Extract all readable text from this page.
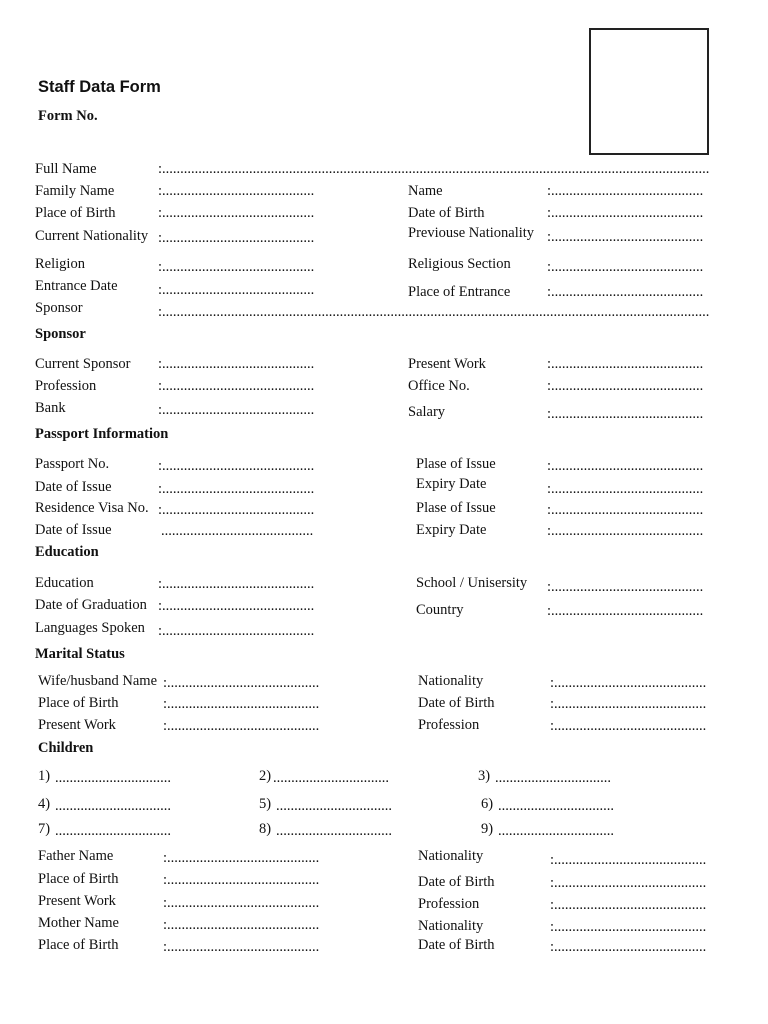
Staff Data Form
Form No.
Full Name	:.......................................................................................................................................................
Family Name	:..........................................	Name	:..........................................
Place of Birth	:..........................................	Date of Birth	:..........................................
Current Nationality :..........................................	Previouse Nationality :..........................................
Religion	:..........................................	Religious Section	:..........................................
Entrance Date	:..........................................	Place of Entrance	:..........................................
Sponsor	:.......................................................................................................................................................
Sponsor
Current Sponsor :..........................................	Present Work	:..........................................
Profession	:..........................................	Office No.	:..........................................
Bank	:..........................................	Salary	:..........................................
Passport Information
Passport No.	:..........................................	Plase of Issue	:..........................................
Date of Issue	:..........................................	Expiry Date	:..........................................
Residence Visa No. :..........................................	Plase of Issue	:..........................................
Date of Issue	..........................................	Expiry Date	:..........................................
Education
Education	:..........................................	School / Unisersity :..........................................
Date of Graduation :..........................................	Country	:..........................................
Languages Spoken :..........................................
Marital Status
Wife/husband Name :..........................................	Nationality	:..........................................
Place of Birth	:..........................................	Date of Birth	:..........................................
Present Work	:..........................................	Profession	:..........................................
Children
1) ................................	2) ................................	3) ................................
4) ................................	5) ................................	6) ................................
7) ................................	8) ................................	9) ................................
Father Name	:..........................................	Nationality	:..........................................
Place of Birth	:..........................................	Date of Birth	:..........................................
Present Work	:..........................................	Profession	:..........................................
Mother Name	:..........................................	Nationality	:..........................................
Place of Birth	:..........................................	Date of Birth	:..........................................
